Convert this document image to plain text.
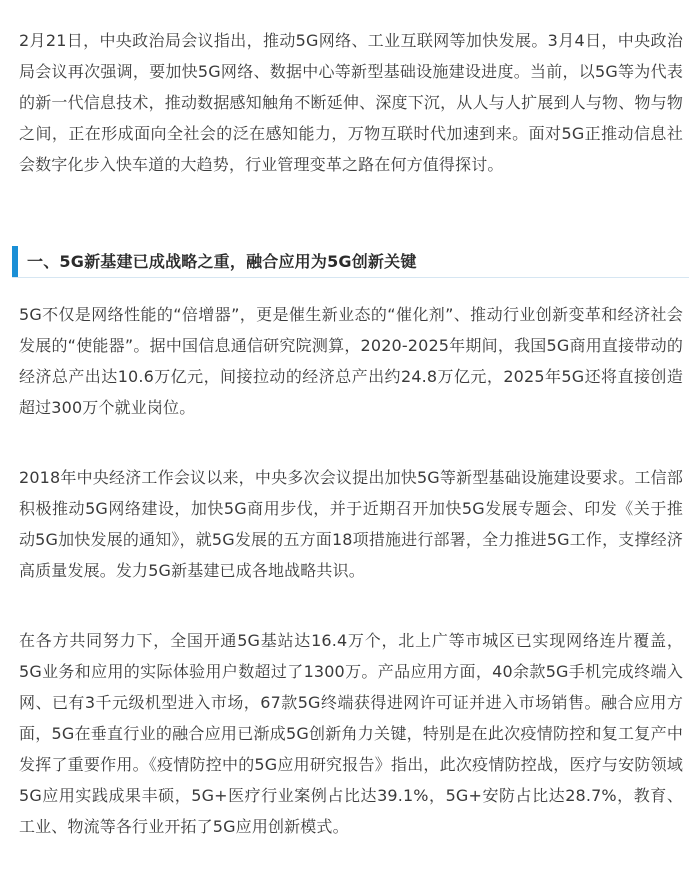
2月21日，中央政治局会议指出，推动5G网络、工业互联网等加快发展。3月4日，中央政治局会议再次强调，要加快5G网络、数据中心等新型基础设施建设进度。当前，以5G等为代表的新一代信息技术，推动数据感知触角不断延伸、深度下沉，从人与人扩展到人与物、物与物之间，正在形成面向全社会的泛在感知能力，万物互联时代加速到来。面对5G正推动信息社会数字化步入快车道的大趋势，行业管理变革之路在何方值得探讨。

一、5G新基建已成战略之重，融合应用为5G创新关键

5G不仅是网络性能的“倍增器”，更是催生新业态的“催化剂”、推动行业创新变革和经济社会发展的“使能器”。据中国信息通信研究院测算，2020-2025年期间，我国5G商用直接带动的经济总产出达10.6万亿元，间接拉动的经济总产出约24.8万亿元，2025年5G还将直接创造超过300万个就业岗位。

2018年中央经济工作会议以来，中央多次会议提出加快5G等新型基础设施建设要求。工信部积极推动5G网络建设，加快5G商用步伐，并于近期召开加快5G发展专题会、印发《关于推动5G加快发展的通知》，就5G发展的五方面18项措施进行部署，全力推进5G工作，支撑经济高质量发展。发力5G新基建已成各地战略共识。

在各方共同努力下，全国开通5G基站达16.4万个，北上广等市城区已实现网络连片覆盖， 5G业务和应用的实际体验用户数超过了1300万。产品应用方面，40余款5G手机完成终端入网、已有3千元级机型进入市场，67款5G终端获得进网许可证并进入市场销售。融合应用方面，5G在垂直行业的融合应用已渐成5G创新角力关键，特别是在此次疫情防控和复工复产中发挥了重要作用。《疫情防控中的5G应用研究报告》指出，此次疫情防控战，医疗与安防领域5G应用实践成果丰硕，5G+医疗行业案例占比达39.1%，5G+安防占比达28.7%，教育、工业、物流等各行业开拓了5G应用创新模式。
